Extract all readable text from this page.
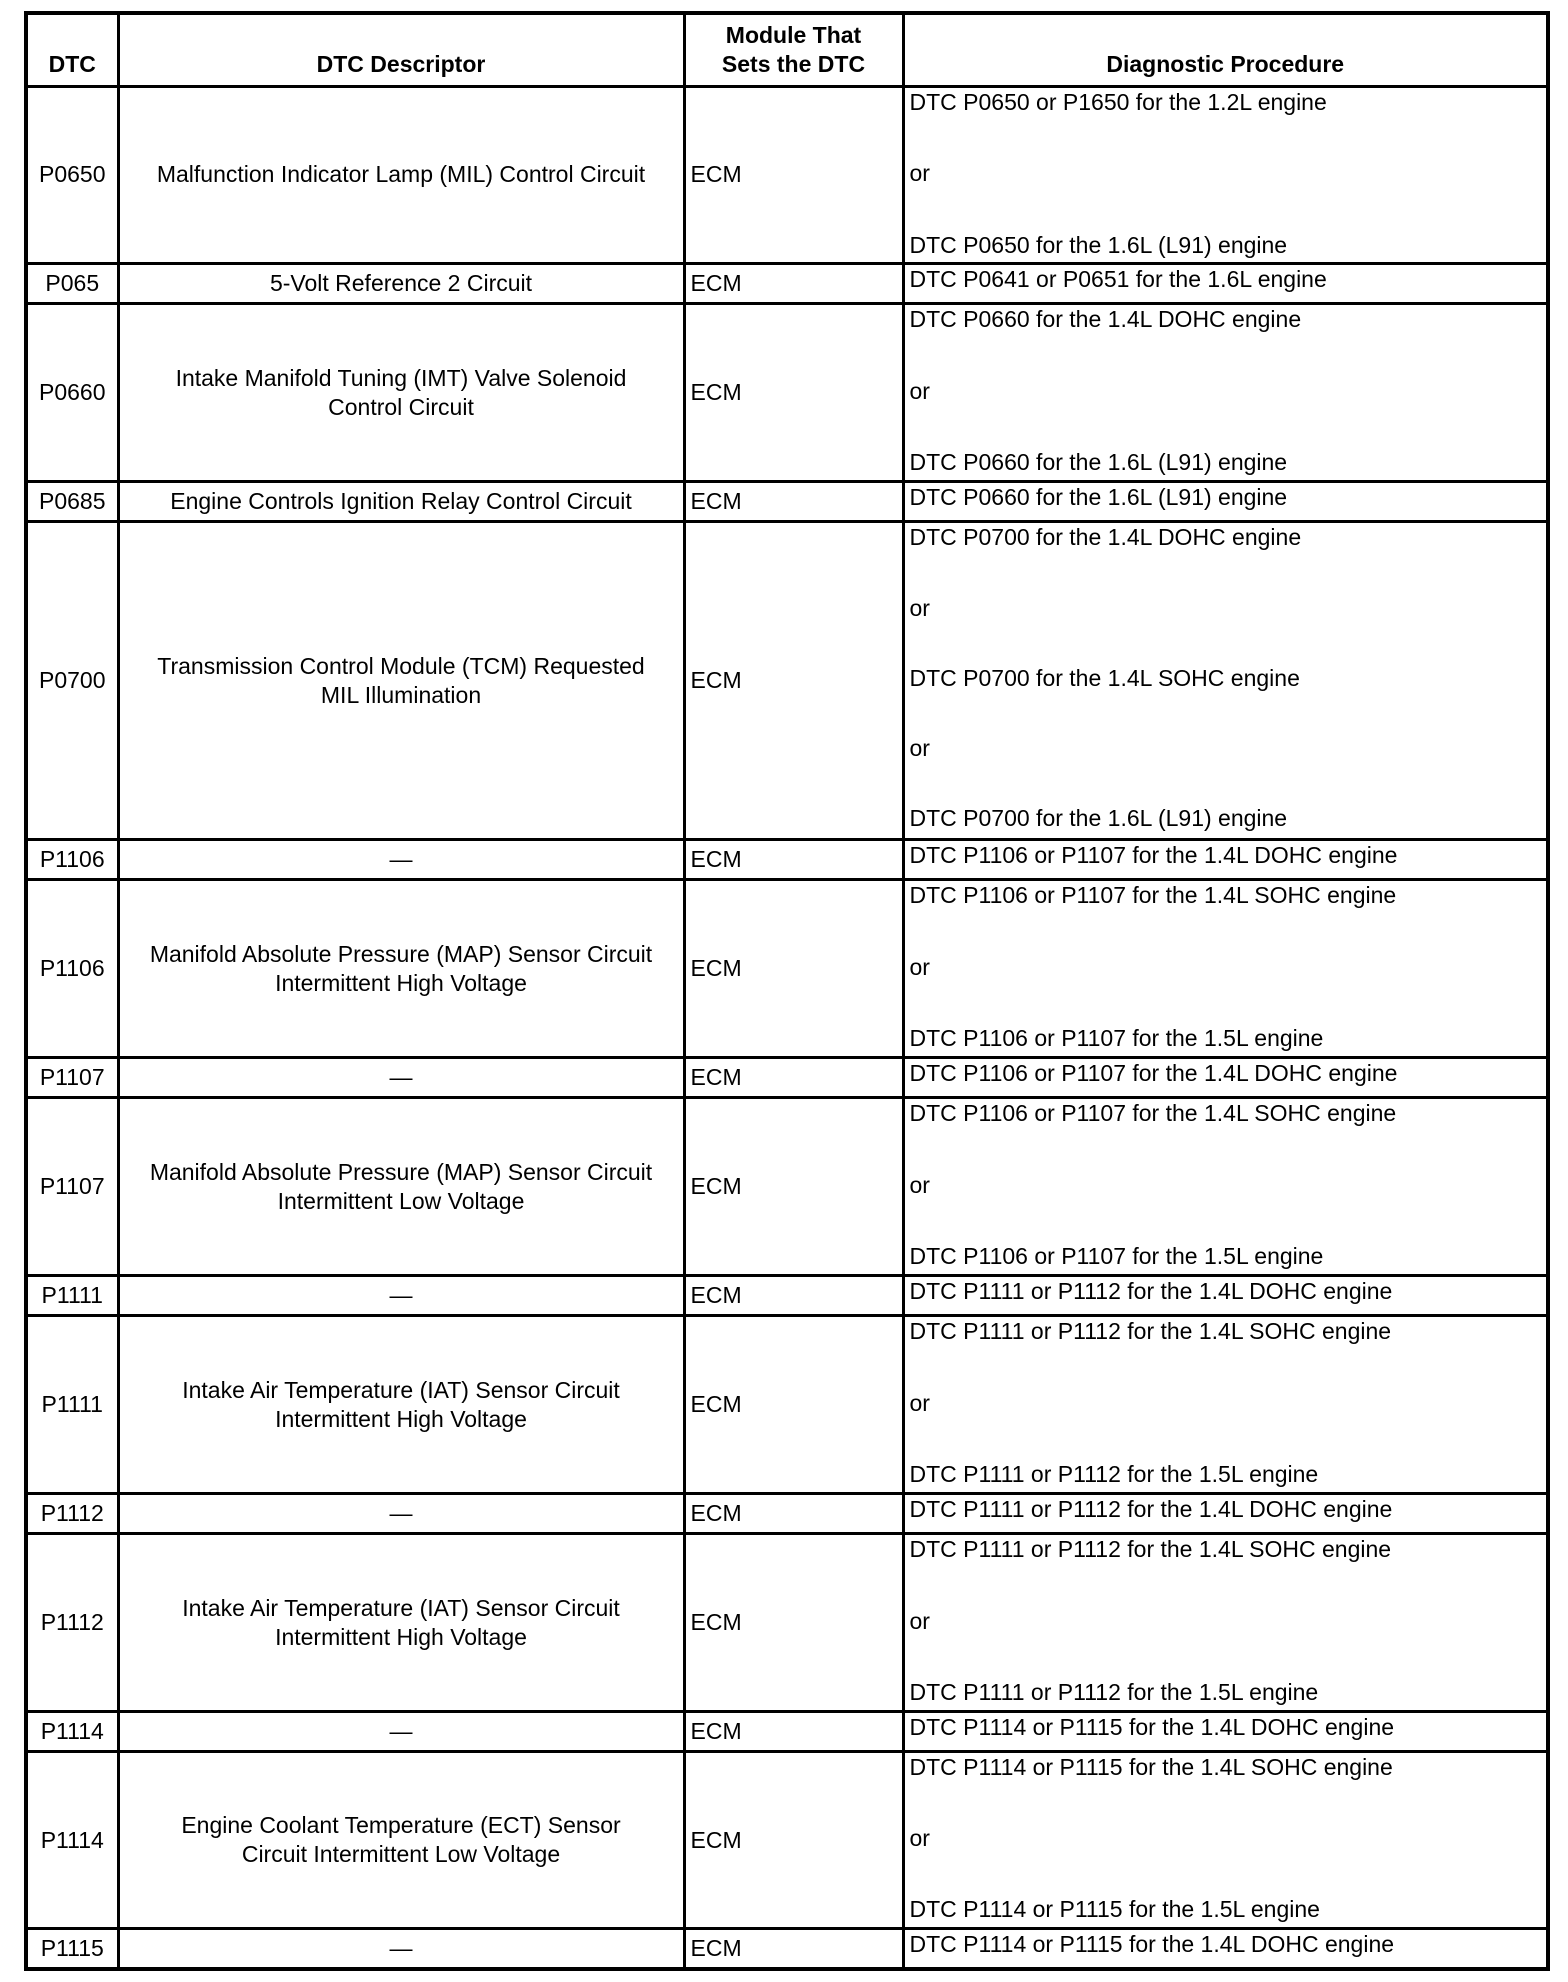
DTC	DTC Descriptor	Module That
Sets the DTC	Diagnostic Procedure
P0650	Malfunction Indicator Lamp (MIL) Control Circuit	ECM	DTC P0650 or P1650 for the 1.2L engine
or
DTC P0650 for the 1.6L (L91) engine

P065	5-Volt Reference 2 Circuit	ECM	DTC P0641 or P0651 for the 1.6L engine

P0660	Intake Manifold Tuning (IMT) Valve Solenoid
Control Circuit	ECM	DTC P0660 for the 1.4L DOHC engine
or
DTC P0660 for the 1.6L (L91) engine

P0685	Engine Controls Ignition Relay Control Circuit	ECM	DTC P0660 for the 1.6L (L91) engine

P0700	Transmission Control Module (TCM) Requested
MIL Illumination	ECM	DTC P0700 for the 1.4L DOHC engine
or
DTC P0700 for the 1.4L SOHC engine
or
DTC P0700 for the 1.6L (L91) engine

P1106	—	ECM	DTC P1106 or P1107 for the 1.4L DOHC engine

P1106	Manifold Absolute Pressure (MAP) Sensor Circuit
Intermittent High Voltage	ECM	DTC P1106 or P1107 for the 1.4L SOHC engine
or
DTC P1106 or P1107 for the 1.5L engine

P1107	—	ECM	DTC P1106 or P1107 for the 1.4L DOHC engine

P1107	Manifold Absolute Pressure (MAP) Sensor Circuit
Intermittent Low Voltage	ECM	DTC P1106 or P1107 for the 1.4L SOHC engine
or
DTC P1106 or P1107 for the 1.5L engine

P1111	—	ECM	DTC P1111 or P1112 for the 1.4L DOHC engine

P1111	Intake Air Temperature (IAT) Sensor Circuit
Intermittent High Voltage	ECM	DTC P1111 or P1112 for the 1.4L SOHC engine
or
DTC P1111 or P1112 for the 1.5L engine

P1112	—	ECM	DTC P1111 or P1112 for the 1.4L DOHC engine

P1112	Intake Air Temperature (IAT) Sensor Circuit
Intermittent High Voltage	ECM	DTC P1111 or P1112 for the 1.4L SOHC engine
or
DTC P1111 or P1112 for the 1.5L engine

P1114	—	ECM	DTC P1114 or P1115 for the 1.4L DOHC engine

P1114	Engine Coolant Temperature (ECT) Sensor
Circuit Intermittent Low Voltage	ECM	DTC P1114 or P1115 for the 1.4L SOHC engine
or
DTC P1114 or P1115 for the 1.5L engine

P1115	—	ECM	DTC P1114 or P1115 for the 1.4L DOHC engine
